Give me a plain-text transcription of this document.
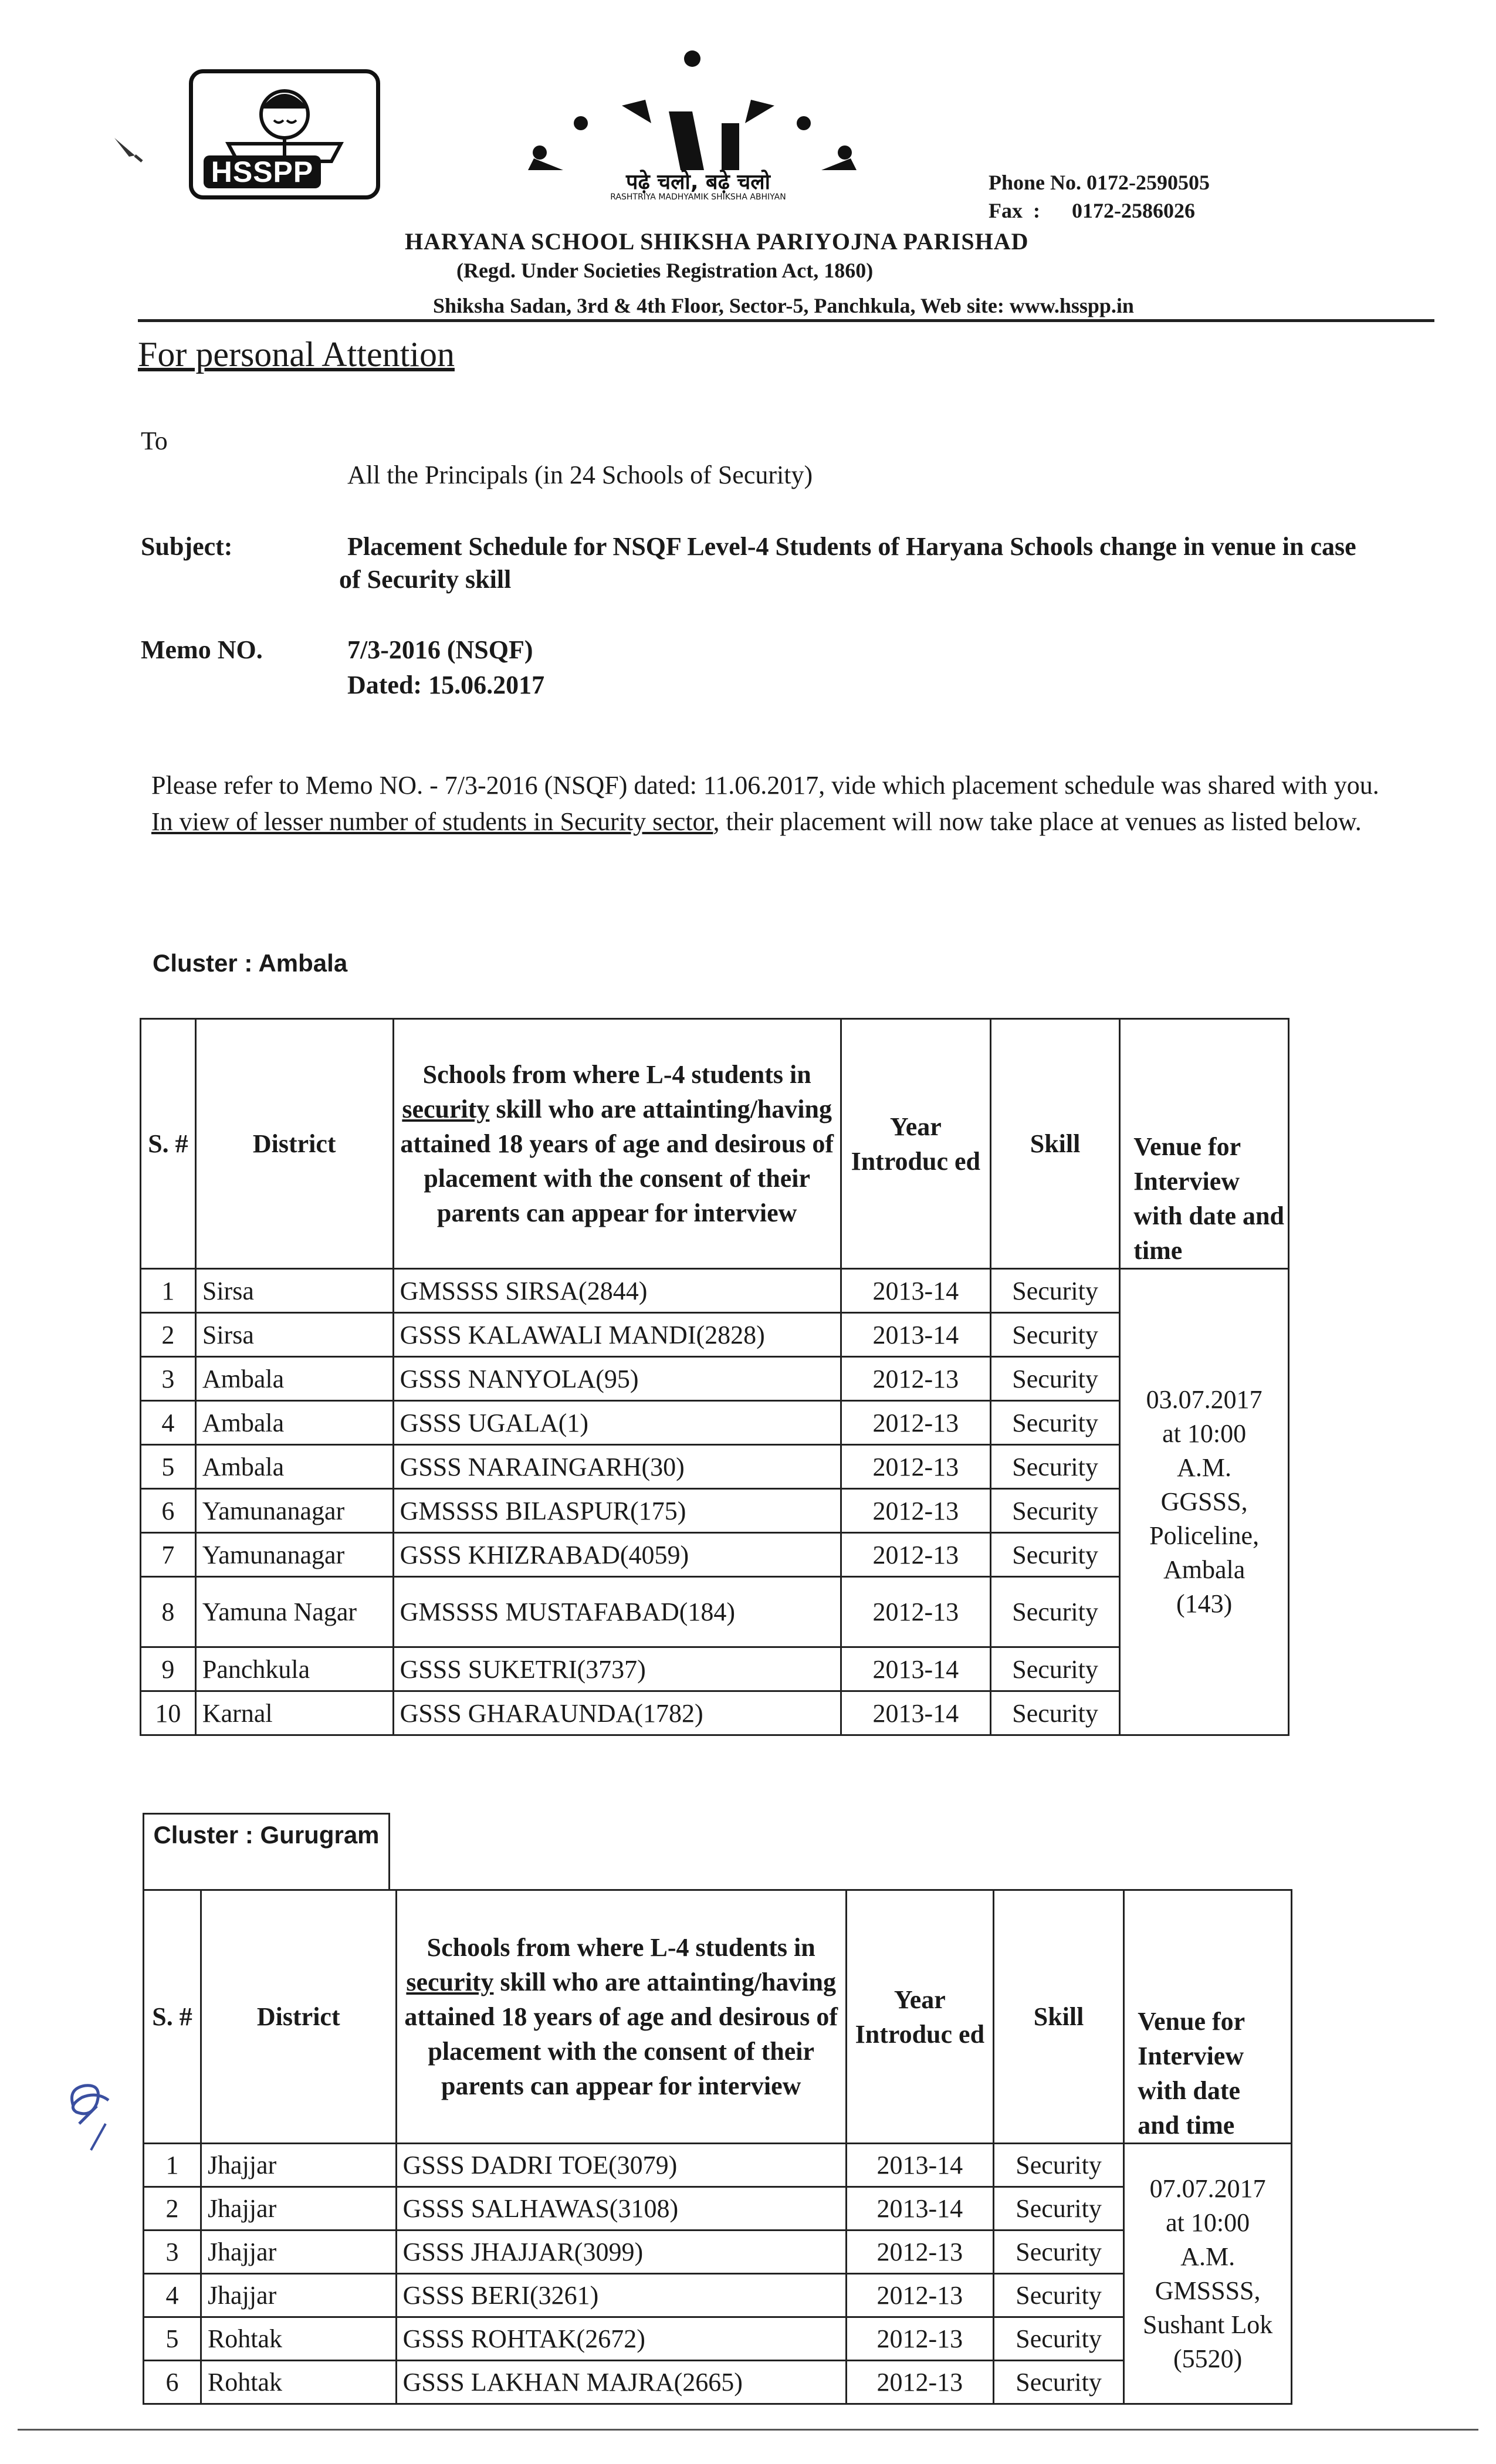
HSSPP	पढ़े चलो, बढ़े चलो
RASHTRIYA MADHYAMIK SHIKSHA ABHIYAN
Phone No. 0172-2590505
Fax  :      0172-2586026
HARYANA SCHOOL SHIKSHA PARIYOJNA PARISHAD
(Regd. Under Societies Registration Act, 1860)
Shiksha Sadan, 3rd & 4th Floor, Sector-5, Panchkula, Web site: www.hsspp.in
For personal Attention
To
All the Principals (in 24 Schools of Security)
Subject:	Placement Schedule for NSQF Level-4 Students of Haryana Schools change in venue in case of Security skill
Memo NO.	7/3-2016 (NSQF)
Dated: 15.06.2017
Please refer to Memo NO. - 7/3-2016 (NSQF) dated: 11.06.2017, vide which placement schedule was shared with you. In view of lesser number of students in Security sector, their placement will now take place at venues as listed below.
Cluster : Ambala
S. #	District	Schools from where L-4 students in security skill who are attainting/having attained 18 years of age and desirous of placement with the consent of their parents can appear for interview	Year Introduc ed	Skill	Venue for Interview with date and time
1	Sirsa	GMSSSS SIRSA(2844)	2013-14	Security	03.07.2017 at 10:00 A.M. GGSSS, Policeline, Ambala (143)
2	Sirsa	GSSS KALAWALI MANDI(2828)	2013-14	Security	
3	Ambala	GSSS NANYOLA(95)	2012-13	Security	
4	Ambala	GSSS UGALA(1)	2012-13	Security	
5	Ambala	GSSS NARAINGARH(30)	2012-13	Security	
6	Yamunanagar	GMSSSS BILASPUR(175)	2012-13	Security	
7	Yamunanagar	GSSS KHIZRABAD(4059)	2012-13	Security	
8	Yamuna Nagar	GMSSSS MUSTAFABAD(184)	2012-13	Security	
9	Panchkula	GSSS SUKETRI(3737)	2013-14	Security	
10	Karnal	GSSS GHARAUNDA(1782)	2013-14	Security	
Cluster : Gurugram
S. #	District	Schools from where L-4 students in security skill who are attainting/having attained 18 years of age and desirous of placement with the consent of their parents can appear for interview	Year Introduc ed	Skill	Venue for Interview with date and time
1	Jhajjar	GSSS DADRI TOE(3079)	2013-14	Security	07.07.2017 at 10:00 A.M. GMSSSS, Sushant Lok (5520)
2	Jhajjar	GSSS SALHAWAS(3108)	2013-14	Security	
3	Jhajjar	GSSS JHAJJAR(3099)	2012-13	Security	
4	Jhajjar	GSSS BERI(3261)	2012-13	Security	
5	Rohtak	GSSS ROHTAK(2672)	2012-13	Security	
6	Rohtak	GSSS LAKHAN MAJRA(2665)	2012-13	Security	
